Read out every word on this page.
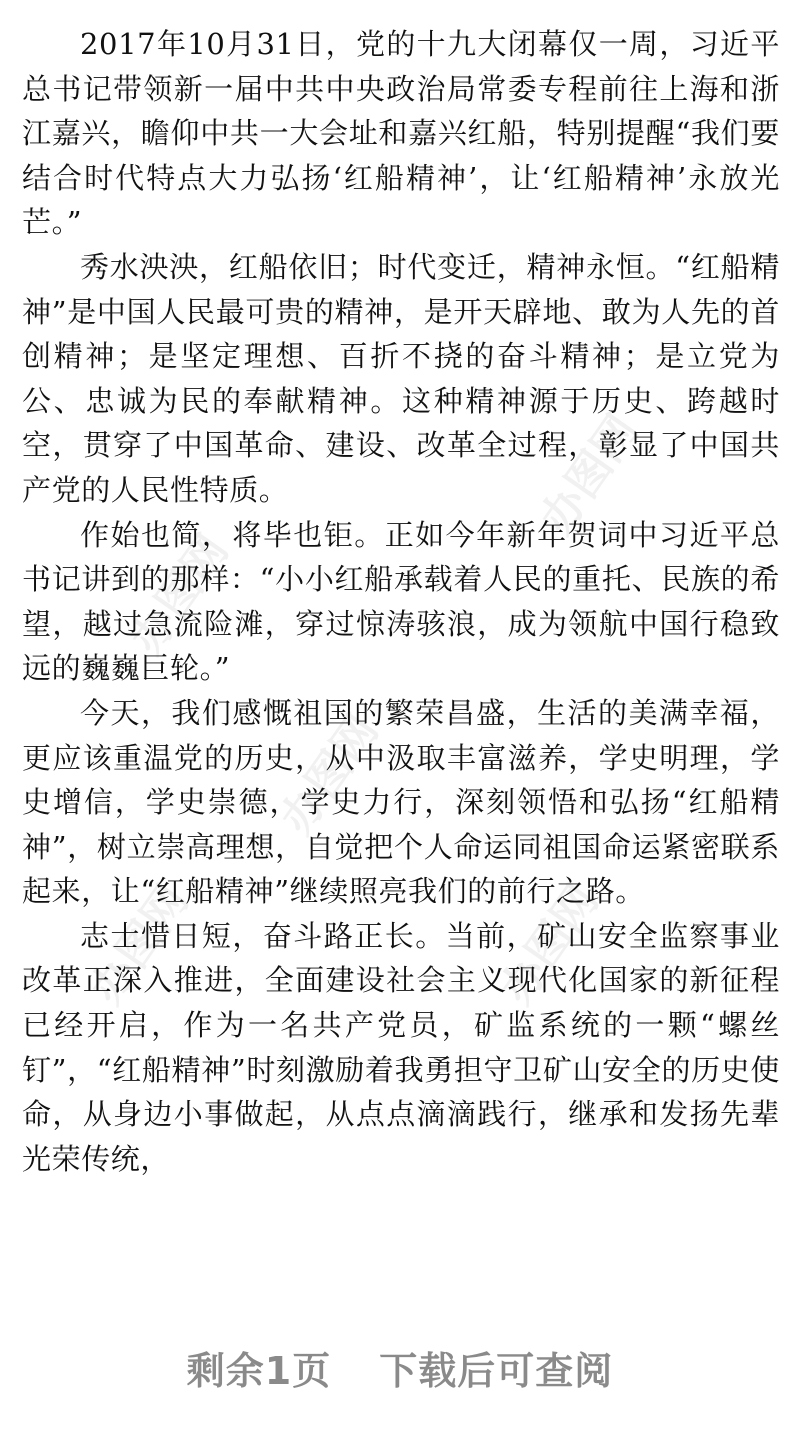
办图网
办图网
办图网
办图网
办图网

2017年10月31日，党的十九大闭幕仅一周，习近平总书记带领新一届中共中央政治局常委专程前往上海和浙江嘉兴，瞻仰中共一大会址和嘉兴红船，特别提醒“我们要结合时代特点大力弘扬‘红船精神’，让‘红船精神’永放光芒。”

秀水泱泱，红船依旧；时代变迁，精神永恒。“红船精神”是中国人民最可贵的精神，是开天辟地、敢为人先的首创精神；是坚定理想、百折不挠的奋斗精神；是立党为公、忠诚为民的奉献精神。这种精神源于历史、跨越时空，贯穿了中国革命、建设、改革全过程，彰显了中国共产党的人民性特质。

作始也简，将毕也钜。正如今年新年贺词中习近平总书记讲到的那样：“小小红船承载着人民的重托、民族的希望，越过急流险滩，穿过惊涛骇浪，成为领航中国行稳致远的巍巍巨轮。”

今天，我们感慨祖国的繁荣昌盛，生活的美满幸福，更应该重温党的历史，从中汲取丰富滋养，学史明理，学史增信，学史崇德，学史力行，深刻领悟和弘扬“红船精神”，树立崇高理想，自觉把个人命运同祖国命运紧密联系起来，让“红船精神”继续照亮我们的前行之路。

志士惜日短，奋斗路正长。当前，矿山安全监察事业改革正深入推进，全面建设社会主义现代化国家的新征程已经开启，作为一名共产党员，矿监系统的一颗“螺丝钉”，“红船精神”时刻激励着我勇担守卫矿山安全的历史使命，从身边小事做起，从点点滴滴践行，继承和发扬先辈光荣传统，

剩余1页 下载后可查阅
